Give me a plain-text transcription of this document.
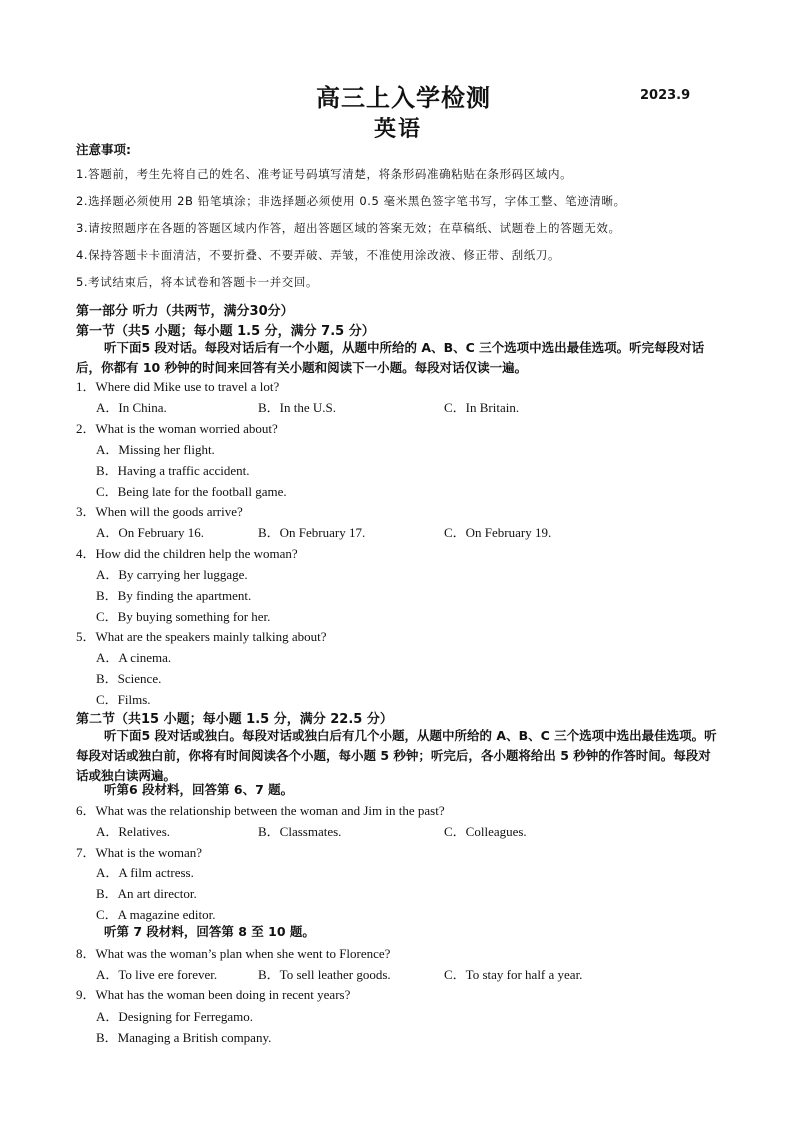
高三上入学检测	2023.9
英语
注意事项:
1.答题前，考生先将自己的姓名、准考证号码填写清楚，将条形码准确粘贴在条形码区域内。
2.选择题必须使用 2B 铅笔填涂；非选择题必须使用 0.5 毫米黑色签字笔书写，字体工整、笔迹清晰。
3.请按照题序在各题的答题区域内作答，超出答题区域的答案无效；在草稿纸、试题卷上的答题无效。
4.保持答题卡卡面清洁，不要折叠、不要弄破、弄皱，不准使用涂改液、修正带、刮纸刀。
5.考试结束后，将本试卷和答题卡一并交回。
第一部分 听力（共两节，满分30分）
第一节（共5 小题；每小题 1.5 分，满分 7.5 分）
听下面5 段对话。每段对话后有一个小题，从题中所给的 A、B、C 三个选项中选出最佳选项。听完每段对话后，你都有 10 秒钟的时间来回答有关小题和阅读下一小题。每段对话仅读一遍。
1．Where did Mike use to travel a lot?
A．In China.	B．In the U.S.	C．In Britain.
2．What is the woman worried about?
A．Missing her flight.
B．Having a traffic accident.
C．Being late for the football game.
3．When will the goods arrive?
A．On February 16.	B．On February 17.	C．On February 19.
4．How did the children help the woman?
A．By carrying her luggage.
B．By finding the apartment.
C．By buying something for her.
5．What are the speakers mainly talking about?
A．A cinema.
B．Science.
C．Films.
第二节（共15 小题；每小题 1.5 分，满分 22.5 分）
听下面5 段对话或独白。每段对话或独白后有几个小题，从题中所给的 A、B、C 三个选项中选出最佳选项。听每段对话或独白前，你将有时间阅读各个小题，每小题 5 秒钟；听完后，各小题将给出 5 秒钟的作答时间。每段对话或独白读两遍。
听第6 段材料，回答第 6、7 题。
6．What was the relationship between the woman and Jim in the past?
A．Relatives.	B．Classmates.	C．Colleagues.
7．What is the woman?
A．A film actress.
B．An art director.
C．A magazine editor.
听第 7 段材料，回答第 8 至 10 题。
8．What was the woman’s plan when she went to Florence?
A．To live ere forever.	B．To sell leather goods.	C．To stay for half a year.
9．What has the woman been doing in recent years?
A．Designing for Ferregamo.
B．Managing a British company.
